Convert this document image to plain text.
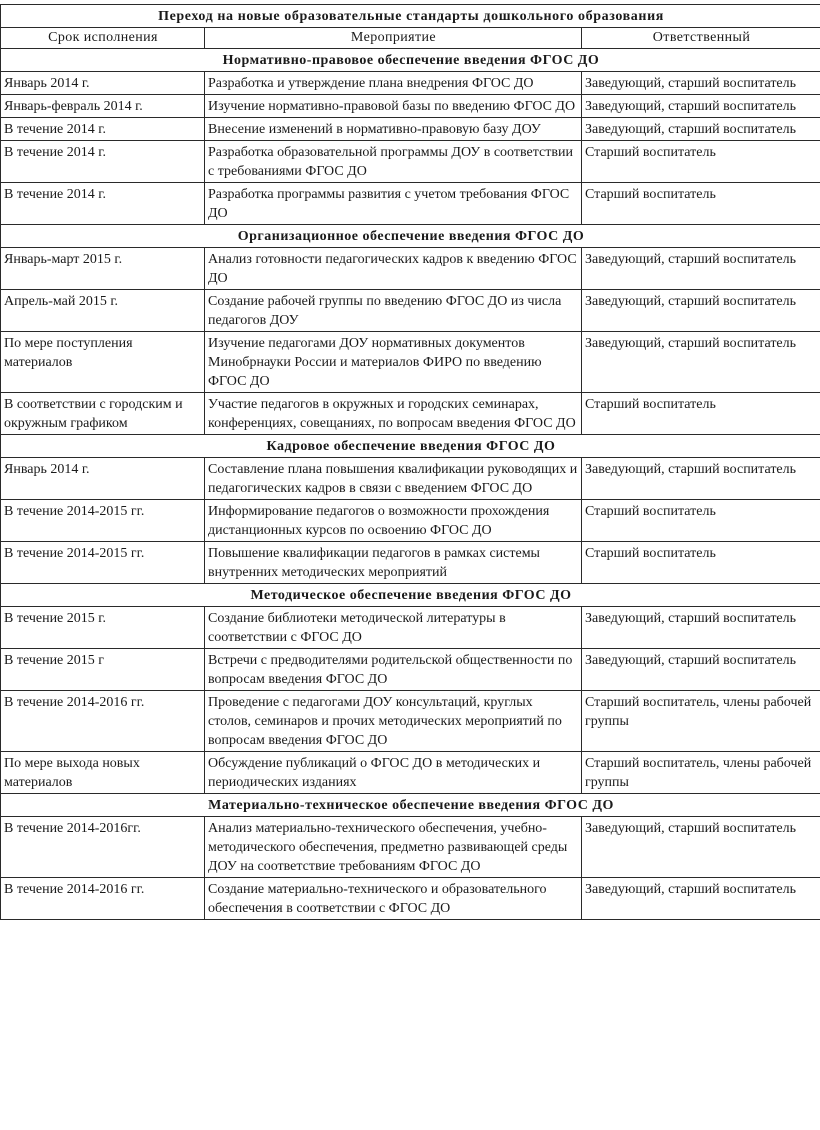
Переход на новые образовательные стандарты дошкольного образования		
Срок исполнения	Мероприятие	Ответственный
Нормативно-правовое обеспечение введения ФГОС ДО		
Январь 2014 г.	Разработка и утверждение плана внедрения ФГОС ДО	Заведующий, старший воспитатель
Январь-февраль 2014 г.	Изучение нормативно-правовой базы по введению ФГОС ДО	Заведующий, старший воспитатель
В течение 2014 г.	Внесение изменений в нормативно-правовую базу ДОУ	Заведующий, старший воспитатель
В течение 2014 г.	Разработка образовательной программы ДОУ в соответствии с требованиями ФГОС ДО	Старший воспитатель
В течение 2014 г.	Разработка программы развития с учетом требования ФГОС ДО	Старший воспитатель
Организационное обеспечение введения ФГОС ДО		
Январь-март 2015 г.	Анализ готовности педагогических кадров к введению ФГОС ДО	Заведующий, старший воспитатель
Апрель-май 2015 г.	Создание рабочей группы по введению ФГОС ДО из числа педагогов ДОУ	Заведующий, старший воспитатель
По мере поступления материалов	Изучение педагогами ДОУ нормативных документов Минобрнауки России и материалов ФИРО по введению ФГОС ДО	Заведующий, старший воспитатель
В соответствии с городским и окружным графиком	Участие педагогов в окружных и городских семинарах, конференциях, совещаниях, по вопросам введения ФГОС ДО	Старший воспитатель
Кадровое обеспечение введения ФГОС ДО		
Январь 2014 г.	Составление плана повышения квалификации руководящих и педагогических кадров в связи с введением ФГОС ДО	Заведующий, старший воспитатель
В течение 2014-2015 гг.	Информирование педагогов о возможности прохождения дистанционных курсов по освоению ФГОС ДО	Старший воспитатель
В течение 2014-2015 гг.	Повышение квалификации педагогов в рамках системы внутренних методических мероприятий	Старший воспитатель
Методическое обеспечение введения ФГОС ДО		
В течение 2015 г.	Создание библиотеки методической литературы в соответствии с ФГОС ДО	Заведующий, старший воспитатель
В течение 2015 г	Встречи с предводителями родительской общественности по вопросам введения ФГОС ДО	Заведующий, старший воспитатель
В течение 2014-2016 гг.	Проведение с педагогами ДОУ консультаций, круглых столов, семинаров и прочих методических мероприятий по вопросам введения ФГОС ДО	Старший воспитатель, члены рабочей группы
По мере выхода новых материалов	Обсуждение публикаций о ФГОС ДО в методических и периодических изданиях	Старший воспитатель, члены рабочей группы
Материально-техническое обеспечение введения ФГОС ДО		
В течение 2014-2016гг.	Анализ материально-технического обеспечения, учебно-методического обеспечения, предметно развивающей среды ДОУ на соответствие требованиям ФГОС ДО	Заведующий, старший воспитатель
В течение 2014-2016 гг.	Создание материально-технического и образовательного обеспечения в соответствии с ФГОС ДО	Заведующий, старший воспитатель
